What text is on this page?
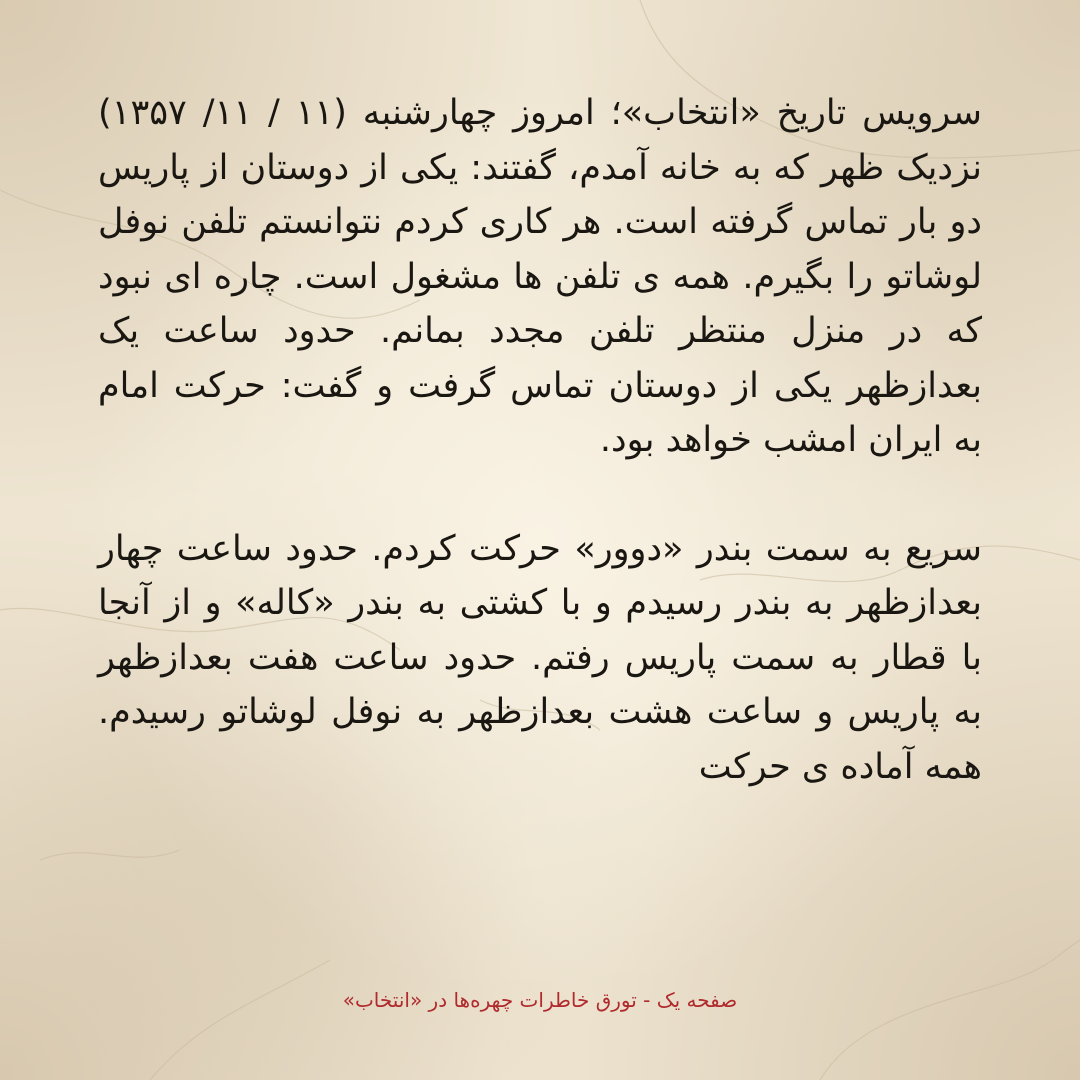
سرویس تاریخ «انتخاب»؛ امروز چهارشنبه (۱۱ / ۱۱/ ۱۳۵۷) نزدیک ظهر که به خانه آمدم، گفتند: یکی از دوستان از پاریس دو بار تماس گرفته است. هر کاری کردم نتوانستم تلفن نوفل لوشاتو را بگیرم. همه ی تلفن ها مشغول است. چاره ای نبود که در منزل منتظر تلفن مجدد بمانم. حدود ساعت یک بعدازظهر یکی از دوستان تماس گرفت و گفت: حرکت امام به ایران امشب خواهد بود.

سریع به سمت بندر «دوور» حرکت کردم. حدود ساعت چهار بعدازظهر به بندر رسیدم و با کشتی به بندر «کاله» و از آنجا با قطار به سمت پاریس رفتم. حدود ساعت هفت بعدازظهر به پاریس و ساعت هشت بعدازظهر به نوفل لوشاتو رسیدم. همه آماده ی حرکت

صفحه یک - تورق خاطرات چهره‌ها در «انتخاب»
